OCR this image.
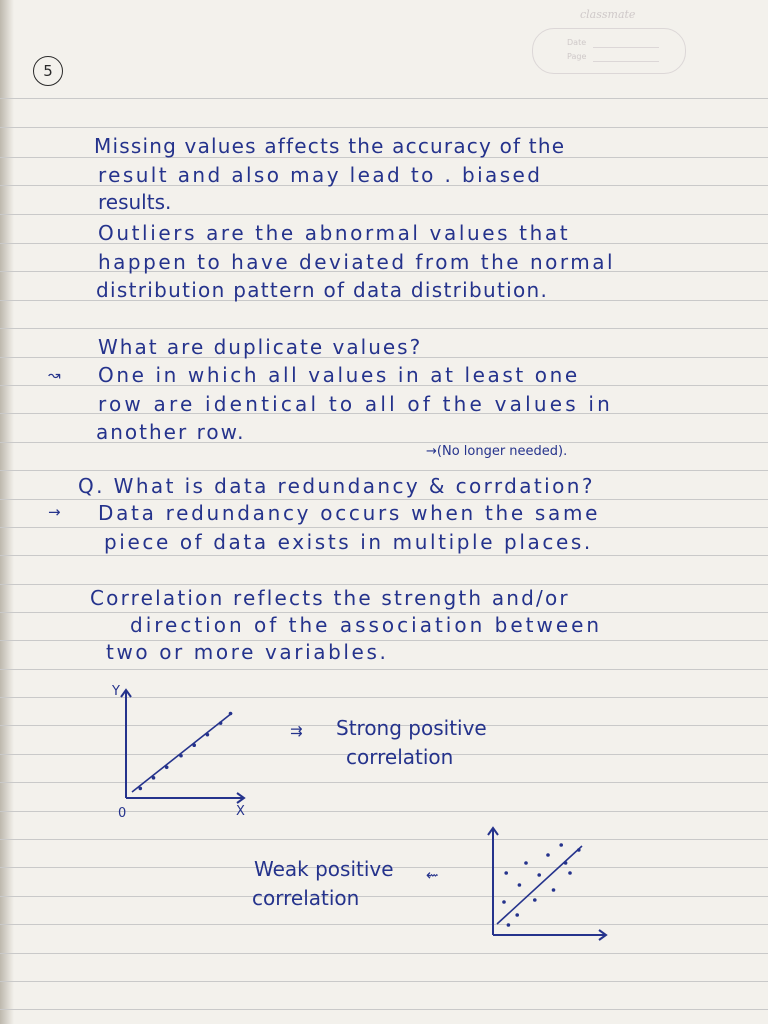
classmate
Date
Page
5
Missing values affects the accuracy of the
result and also may lead to . biased
results.
Outliers are the abnormal values that
happen to have deviated from the normal
distribution pattern of data distribution.
What are duplicate values?
↝ One in which all values in at least one
row are identical to all of the values in
another row.
→(No longer needed).
Q. What is data redundancy & corrdation?
→ Data redundancy occurs when the same
piece of data exists in multiple places.
Correlation reflects the strength and/or
direction of the association between
two or more variables.
Y
0	X
⇉ Strong positive
correlation
Weak positive
correlation
⇜
